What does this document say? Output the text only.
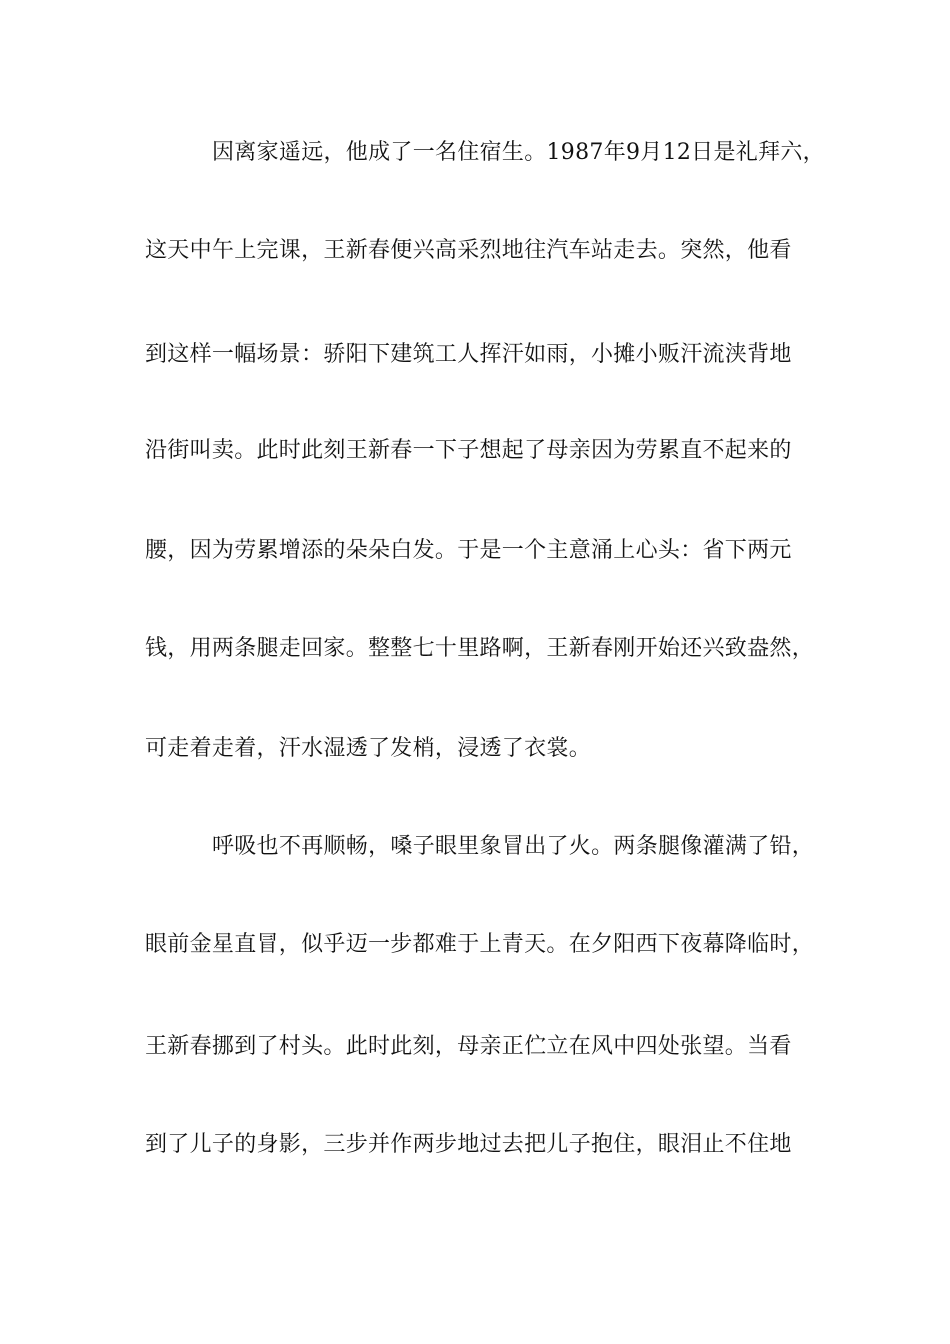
因离家遥远，他成了一名住宿生。1987年9月12日是礼拜六，
这天中午上完课，王新春便兴高采烈地往汽车站走去。突然，他看
到这样一幅场景：骄阳下建筑工人挥汗如雨，小摊小贩汗流浃背地
沿街叫卖。此时此刻王新春一下子想起了母亲因为劳累直不起来的
腰，因为劳累增添的朵朵白发。于是一个主意涌上心头：省下两元
钱，用两条腿走回家。整整七十里路啊，王新春刚开始还兴致盎然，
可走着走着，汗水湿透了发梢，浸透了衣裳。
呼吸也不再顺畅，嗓子眼里象冒出了火。两条腿像灌满了铅，
眼前金星直冒，似乎迈一步都难于上青天。在夕阳西下夜幕降临时，
王新春挪到了村头。此时此刻，母亲正伫立在风中四处张望。当看
到了儿子的身影，三步并作两步地过去把儿子抱住，眼泪止不住地
